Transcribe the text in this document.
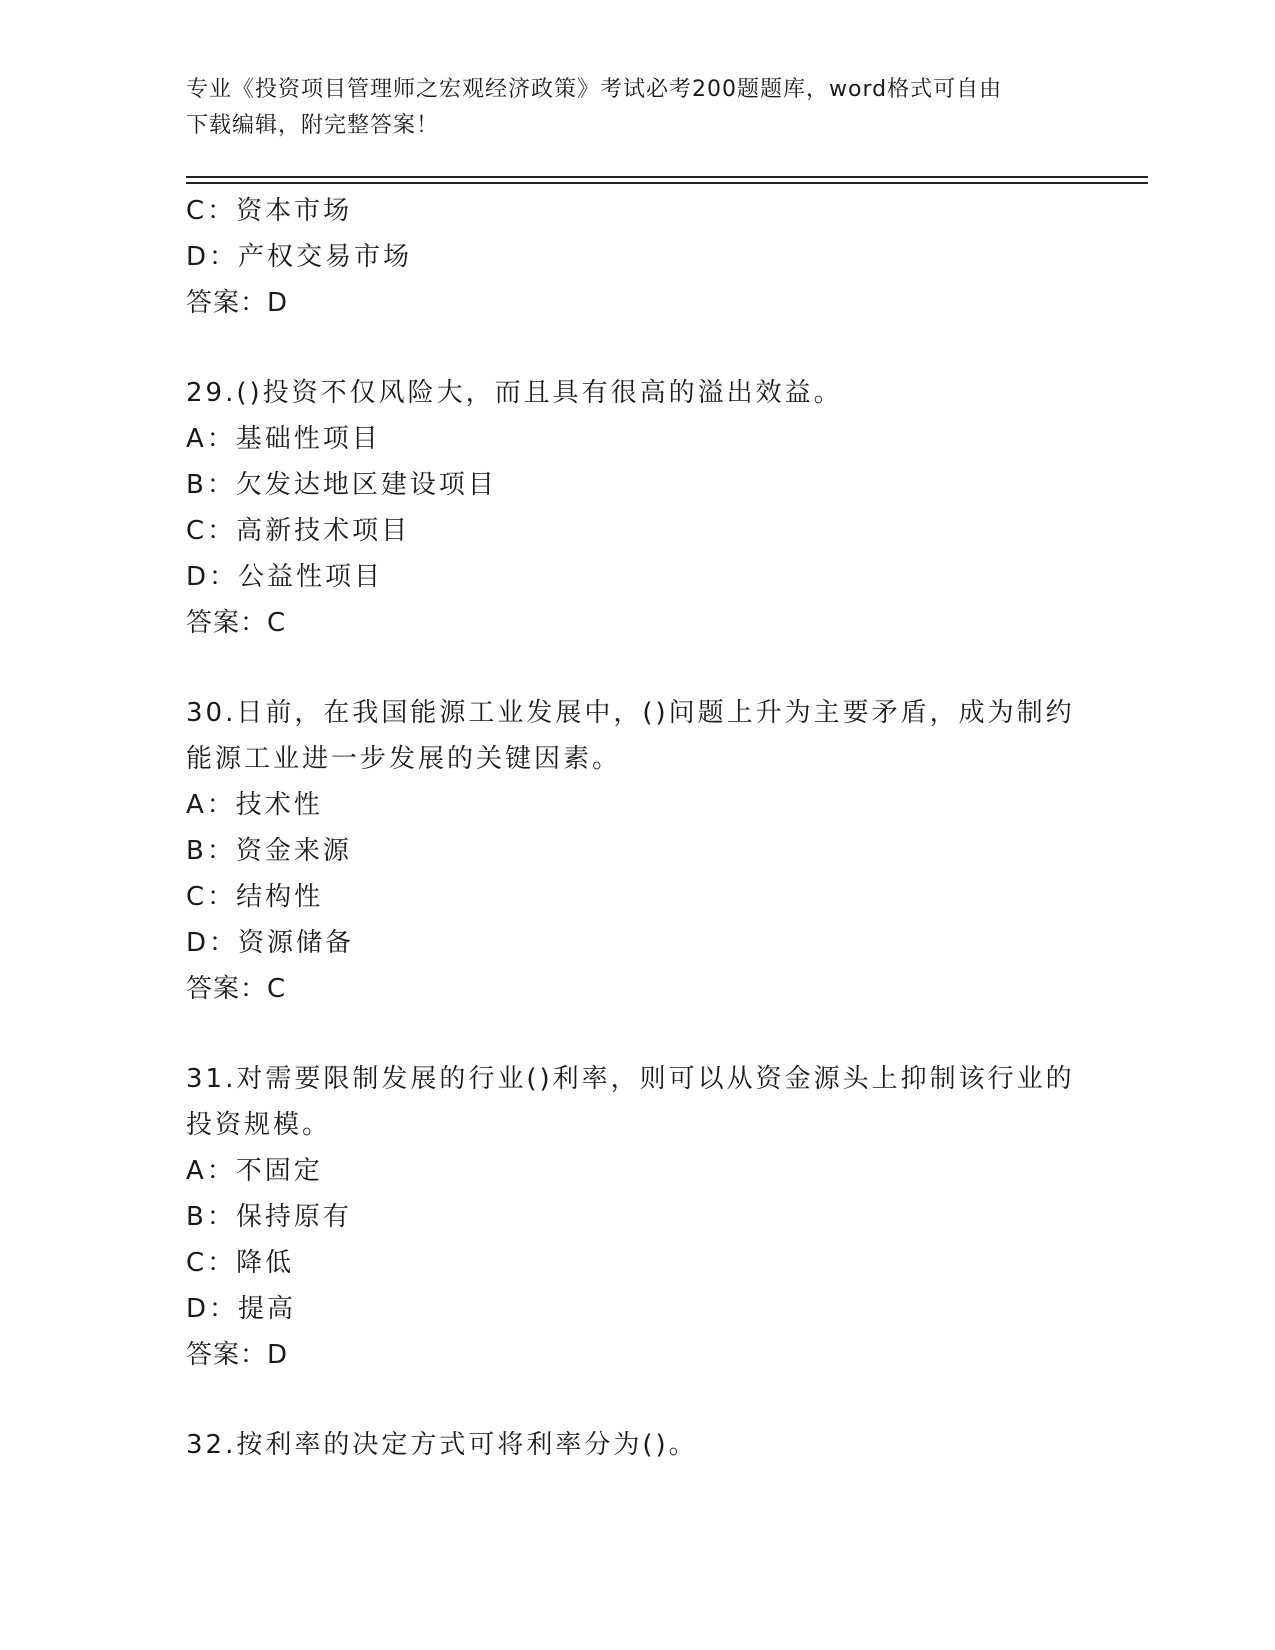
专业《投资项目管理师之宏观经济政策》考试必考200题题库，word格式可自由
下载编辑，附完整答案！
C：资本市场
D：产权交易市场
答案：D
29.()投资不仅风险大，而且具有很高的溢出效益。
A：基础性项目
B：欠发达地区建设项目
C：高新技术项目
D：公益性项目
答案：C
30.日前，在我国能源工业发展中，()问题上升为主要矛盾，成为制约
能源工业进一步发展的关键因素。
A：技术性
B：资金来源
C：结构性
D：资源储备
答案：C
31.对需要限制发展的行业()利率，则可以从资金源头上抑制该行业的
投资规模。
A：不固定
B：保持原有
C：降低
D：提高
答案：D
32.按利率的决定方式可将利率分为()。
